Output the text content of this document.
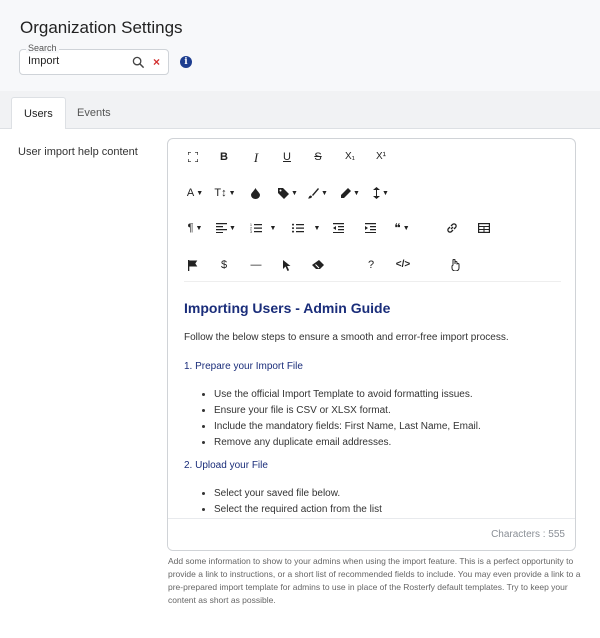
Organization Settings
Search
Import
×	i
Users	Events
User import help content	B	I	U	S	X₁	X¹
A ▼ T↕ ▼	▼	▼	▼	▼
¶ ▼	▼	1
2
3
▼	▼	❝ ▼
$	—	?	</>
Importing Users - Admin Guide
Follow the below steps to ensure a smooth and error-free import process.
1. Prepare your Import File
• Use the official Import Template to avoid formatting issues.
• Ensure your file is CSV or XLSX format.
• Include the mandatory fields: First Name, Last Name, Email.
• Remove any duplicate email addresses.
2. Upload your File
• Select your saved file below.
• Select the required action from the list
Characters : 555
Add some information to show to your admins when using the import feature. This is a perfect opportunity to provide a link to instructions, or a short list of recommended fields to include. You may even provide a link to a pre-prepared import template for admins to use in place of the Rosterfy default templates. Try to keep your content as short as possible.
